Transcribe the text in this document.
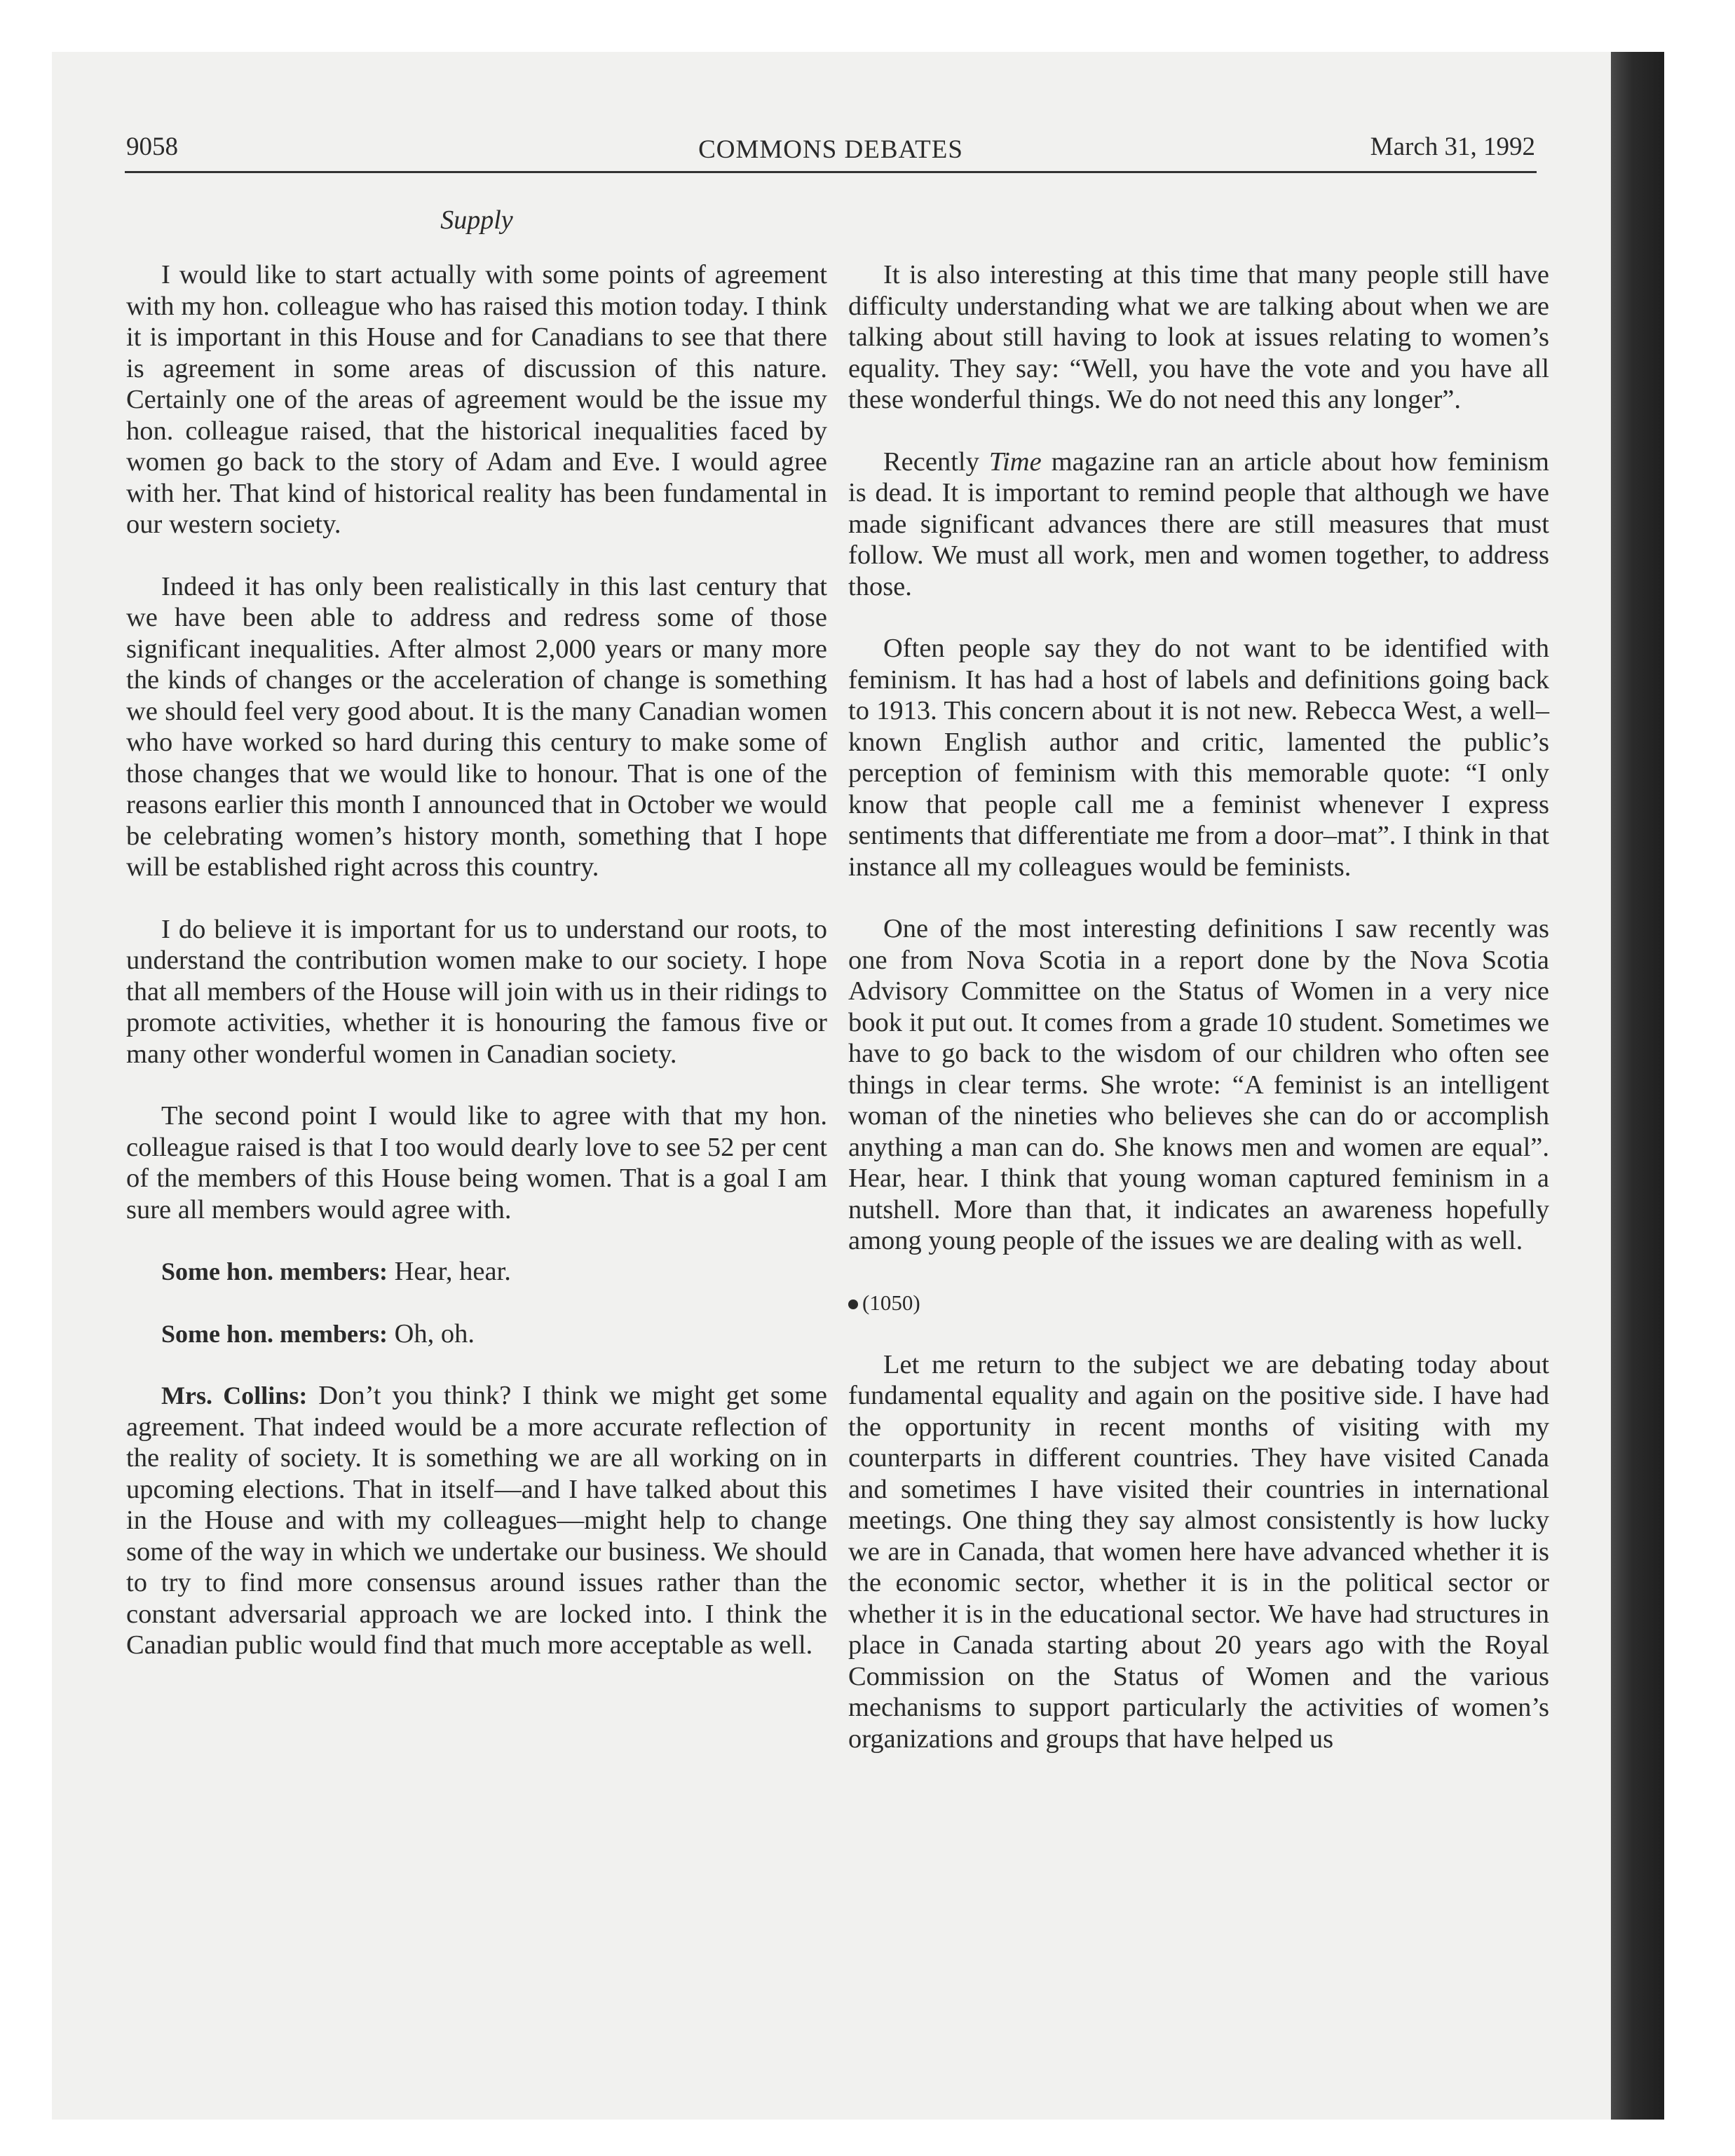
9058	COMMONS DEBATES	March 31, 1992
Supply

I would like to start actually with some points of agreement with my hon. colleague who has raised this motion today. I think it is important in this House and for Canadians to see that there is agreement in some areas of discussion of this nature. Certainly one of the areas of agreement would be the issue my hon. colleague raised, that the historical inequalities faced by women go back to the story of Adam and Eve. I would agree with her. That kind of historical reality has been fundamental in our western society.

Indeed it has only been realistically in this last century that we have been able to address and redress some of those significant inequalities. After almost 2,000 years or many more the kinds of changes or the acceleration of change is something we should feel very good about. It is the many Canadian women who have worked so hard during this century to make some of those changes that we would like to honour. That is one of the reasons earlier this month I announced that in October we would be celebrating women’s history month, something that I hope will be established right across this country.

I do believe it is important for us to understand our roots, to understand the contribution women make to our society. I hope that all members of the House will join with us in their ridings to promote activities, whether it is honouring the famous five or many other wonderful women in Canadian society.

The second point I would like to agree with that my hon. colleague raised is that I too would dearly love to see 52 per cent of the members of this House being women. That is a goal I am sure all members would agree with.

Some hon. members: Hear, hear.

Some hon. members: Oh, oh.

Mrs. Collins: Don’t you think? I think we might get some agreement. That indeed would be a more accurate reflection of the reality of society. It is something we are all working on in upcoming elections. That in itself—and I have talked about this in the House and with my colleagues—might help to change some of the way in which we undertake our business. We should to try to find more consensus around issues rather than the constant adversarial approach we are locked into. I think the Canadian public would find that much more acceptable as well.

It is also interesting at this time that many people still have difficulty understanding what we are talking about when we are talking about still having to look at issues relating to women’s equality. They say: “Well, you have the vote and you have all these wonderful things. We do not need this any longer”.

Recently Time magazine ran an article about how feminism is dead. It is important to remind people that although we have made significant advances there are still measures that must follow. We must all work, men and women together, to address those.

Often people say they do not want to be identified with feminism. It has had a host of labels and definitions going back to 1913. This concern about it is not new. Rebecca West, a well–known English author and critic, lamented the public’s perception of feminism with this memorable quote: “I only know that people call me a feminist whenever I express sentiments that differentiate me from a door–mat”. I think in that instance all my colleagues would be feminists.

One of the most interesting definitions I saw recently was one from Nova Scotia in a report done by the Nova Scotia Advisory Committee on the Status of Women in a very nice book it put out. It comes from a grade 10 student. Sometimes we have to go back to the wisdom of our children who often see things in clear terms. She wrote: “A feminist is an intelligent woman of the nineties who believes she can do or accomplish anything a man can do. She knows men and women are equal”. Hear, hear. I think that young woman captured feminism in a nutshell. More than that, it indicates an awareness hopefully among young people of the issues we are dealing with as well.

(1050)

Let me return to the subject we are debating today about fundamental equality and again on the positive side. I have had the opportunity in recent months of visiting with my counterparts in different countries. They have visited Canada and sometimes I have visited their countries in international meetings. One thing they say almost consistently is how lucky we are in Canada, that women here have advanced whether it is the economic sector, whether it is in the political sector or whether it is in the educational sector. We have had structures in place in Canada starting about 20 years ago with the Royal Commission on the Status of Women and the various mechanisms to support particularly the activities of women’s organizations and groups that have helped us
